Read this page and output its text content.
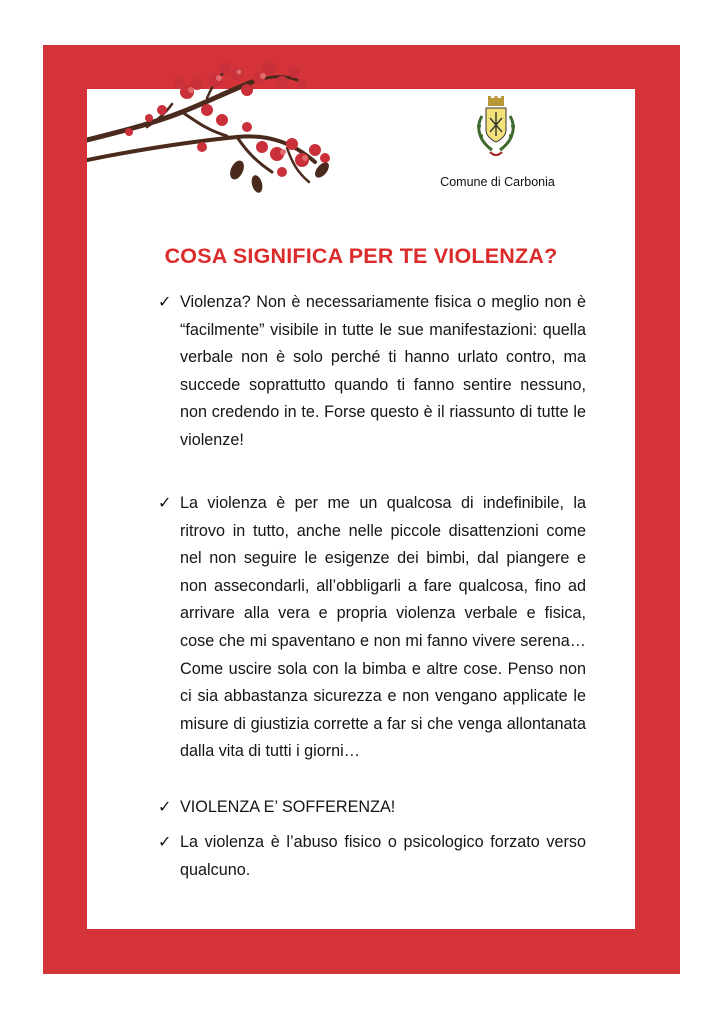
Comune di Carbonia
COSA SIGNIFICA PER TE VIOLENZA?
✓ Violenza? Non è necessariamente fisica o meglio non è “facilmente” visibile in tutte le sue manifestazioni: quella verbale non è solo perché ti hanno urlato contro, ma succede soprattutto quando ti fanno sentire nessuno, non credendo in te. Forse questo è il riassunto di tutte le violenze!
✓ La violenza è per me un qualcosa di indefinibile, la ritrovo in tutto, anche nelle piccole disattenzioni come nel non seguire le esigenze dei bimbi, dal piangere e non assecondarli, all’obbligarli a fare qualcosa, fino ad arrivare alla vera e propria violenza verbale e fisica, cose che mi spaventano e non mi fanno vivere serena… Come uscire sola con la bimba e altre cose. Penso non ci sia abbastanza sicurezza e non vengano applicate le misure di giustizia corrette a far si che venga allontanata dalla vita di tutti i giorni…
✓ VIOLENZA E’ SOFFERENZA!
✓ La violenza è l’abuso fisico o psicologico forzato verso qualcuno.
